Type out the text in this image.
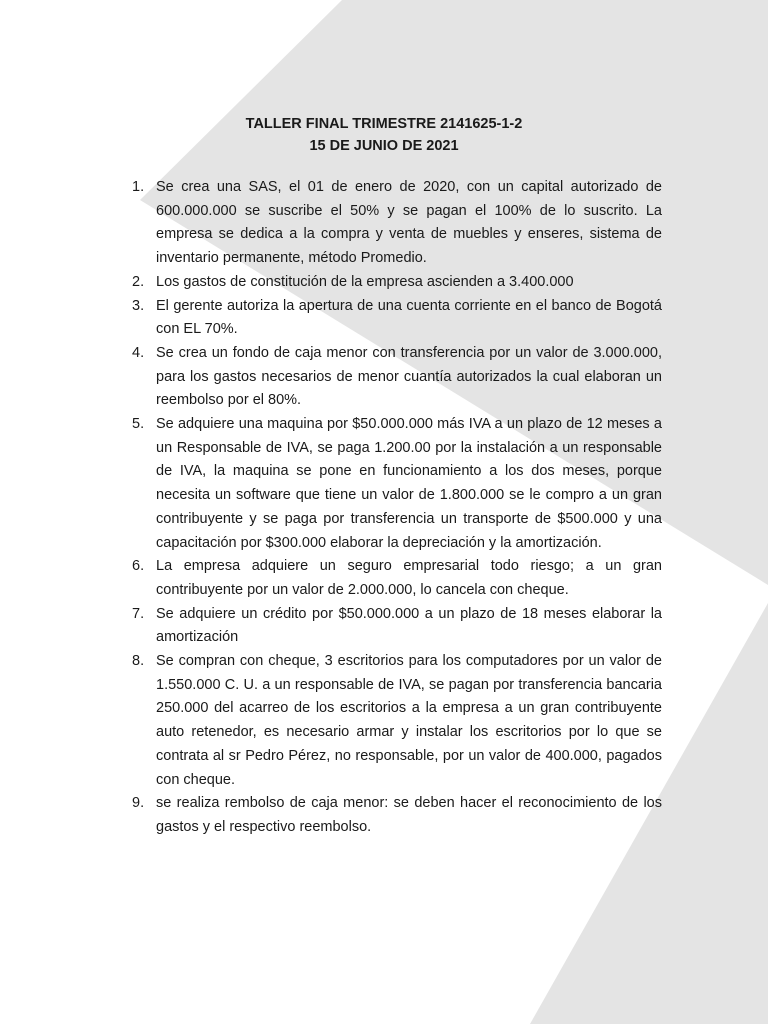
TALLER FINAL TRIMESTRE 2141625-1-2
15 DE JUNIO DE 2021
1. Se crea una SAS, el 01 de enero de 2020, con un capital autorizado de 600.000.000 se suscribe el 50% y se pagan el 100% de lo suscrito. La empresa se dedica a la compra y venta de muebles y enseres, sistema de inventario permanente, método Promedio.
2. Los gastos de constitución de la empresa ascienden a 3.400.000
3. El gerente autoriza la apertura de una cuenta corriente en el banco de Bogotá con EL 70%.
4. Se crea un fondo de caja menor con transferencia por un valor de 3.000.000, para los gastos necesarios de menor cuantía autorizados la cual elaboran un reembolso por el 80%.
5. Se adquiere una maquina por $50.000.000 más IVA a un plazo de 12 meses a un Responsable de IVA, se paga 1.200.00 por la instalación a un responsable de IVA, la maquina se pone en funcionamiento a los dos meses, porque necesita un software que tiene un valor de 1.800.000 se le compro a un gran contribuyente y se paga por transferencia un transporte de $500.000 y una capacitación por $300.000 elaborar la depreciación y la amortización.
6. La empresa adquiere un seguro empresarial todo riesgo; a un gran contribuyente por un valor de 2.000.000, lo cancela con cheque.
7. Se adquiere un crédito por $50.000.000 a un plazo de 18 meses elaborar la amortización
8. Se compran con cheque, 3 escritorios para los computadores por un valor de 1.550.000 C. U. a un responsable de IVA, se pagan por transferencia bancaria 250.000 del acarreo de los escritorios a la empresa a un gran contribuyente auto retenedor, es necesario armar y instalar los escritorios por lo que se contrata al sr Pedro Pérez, no responsable, por un valor de 400.000, pagados con cheque.
9. se realiza rembolso de caja menor: se deben hacer el reconocimiento de los gastos y el respectivo reembolso.
